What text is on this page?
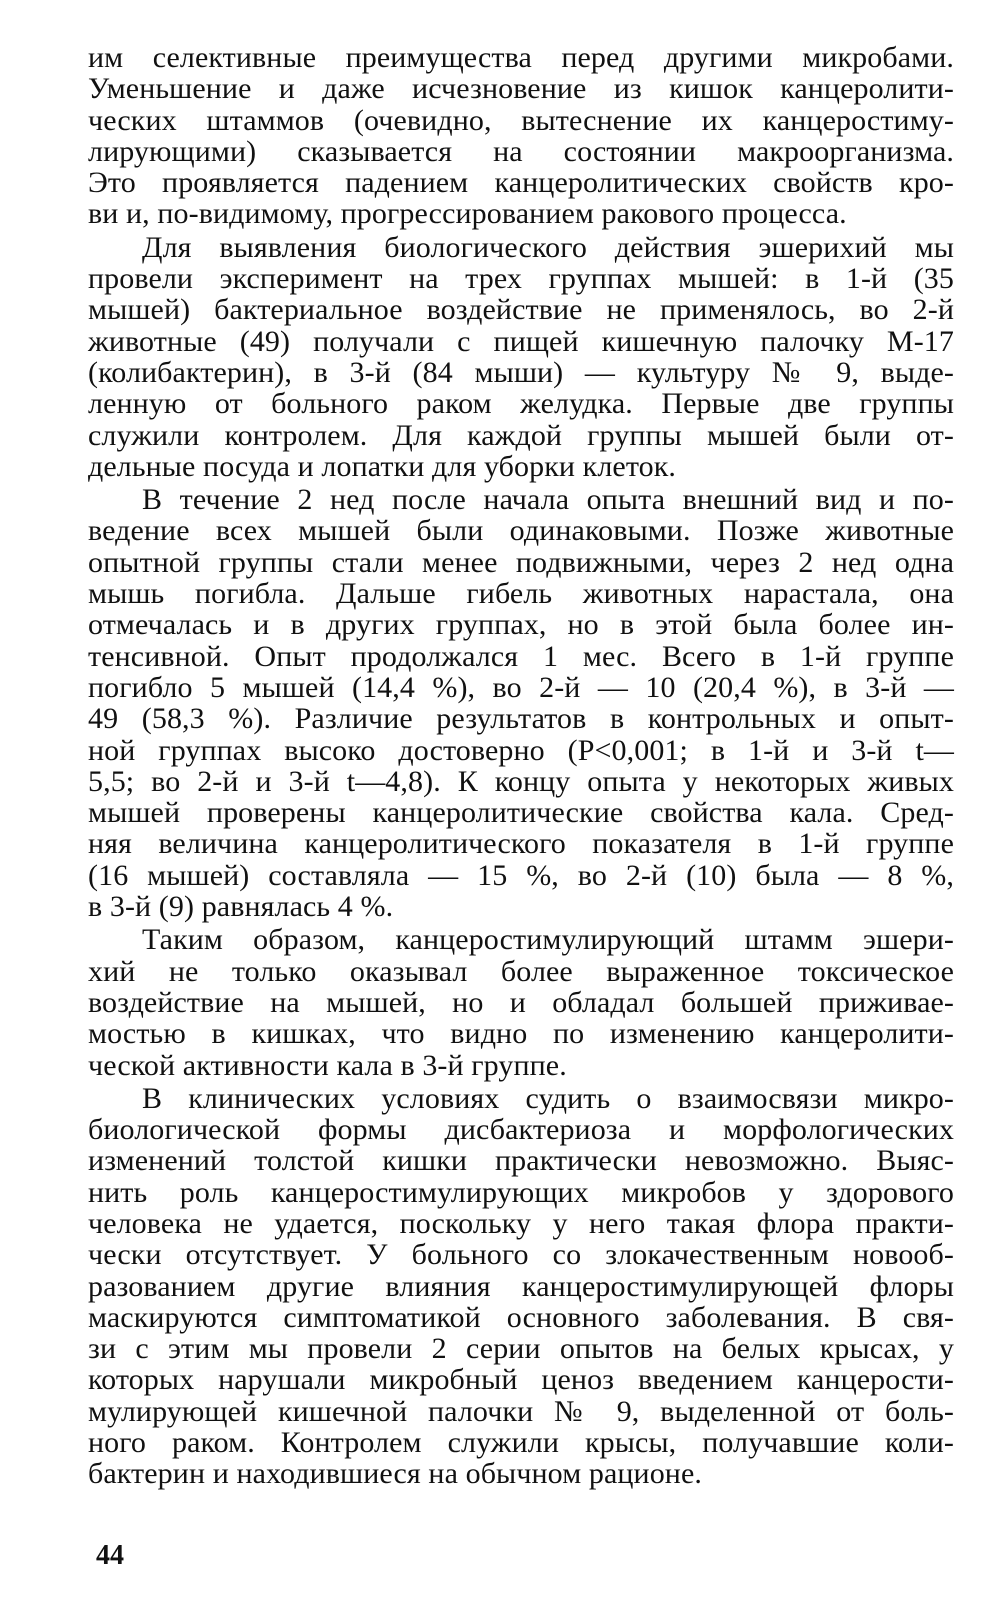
им селективные преимущества перед другими микробами.
Уменьшение и даже исчезновение из кишок канцеролити-
ческих штаммов (очевидно, вытеснение их канцеростиму-
лирующими) сказывается на состоянии макроорганизма.
Это проявляется падением канцеролитических свойств кро-
ви и, по-видимому, прогрессированием ракового процесса.
Для выявления биологического действия эшерихий мы
провели эксперимент на трех группах мышей: в 1-й (35
мышей) бактериальное воздействие не применялось, во 2-й
животные (49) получали с пищей кишечную палочку М-17
(колибактерин), в 3-й (84 мыши) — культуру № 9, выде-
ленную от больного раком желудка. Первые две группы
служили контролем. Для каждой группы мышей были от-
дельные посуда и лопатки для уборки клеток.
В течение 2 нед после начала опыта внешний вид и по-
ведение всех мышей были одинаковыми. Позже животные
опытной группы стали менее подвижными, через 2 нед одна
мышь погибла. Дальше гибель животных нарастала, она
отмечалась и в других группах, но в этой была более ин-
тенсивной. Опыт продолжался 1 мес. Всего в 1-й группе
погибло 5 мышей (14,4 %), во 2-й — 10 (20,4 %), в 3-й —
49 (58,3 %). Различие результатов в контрольных и опыт-
ной группах высоко достоверно (P<0,001; в 1-й и 3-й t—
5,5; во 2-й и 3-й t—4,8). К концу опыта у некоторых живых
мышей проверены канцеролитические свойства кала. Сред-
няя величина канцеролитического показателя в 1-й группе
(16 мышей) составляла — 15 %, во 2-й (10) была — 8 %,
в 3-й (9) равнялась 4 %.
Таким образом, канцеростимулирующий штамм эшери-
хий не только оказывал более выраженное токсическое
воздействие на мышей, но и обладал большей приживае-
мостью в кишках, что видно по изменению канцеролити-
ческой активности кала в 3-й группе.
В клинических условиях судить о взаимосвязи микро-
биологической формы дисбактериоза и морфологических
изменений толстой кишки практически невозможно. Выяс-
нить роль канцеростимулирующих микробов у здорового
человека не удается, поскольку у него такая флора практи-
чески отсутствует. У больного со злокачественным новооб-
разованием другие влияния канцеростимулирующей флоры
маскируются симптоматикой основного заболевания. В свя-
зи с этим мы провели 2 серии опытов на белых крысах, у
которых нарушали микробный ценоз введением канцерости-
мулирующей кишечной палочки № 9, выделенной от боль-
ного раком. Контролем служили крысы, получавшие коли-
бактерин и находившиеся на обычном рационе.
44
